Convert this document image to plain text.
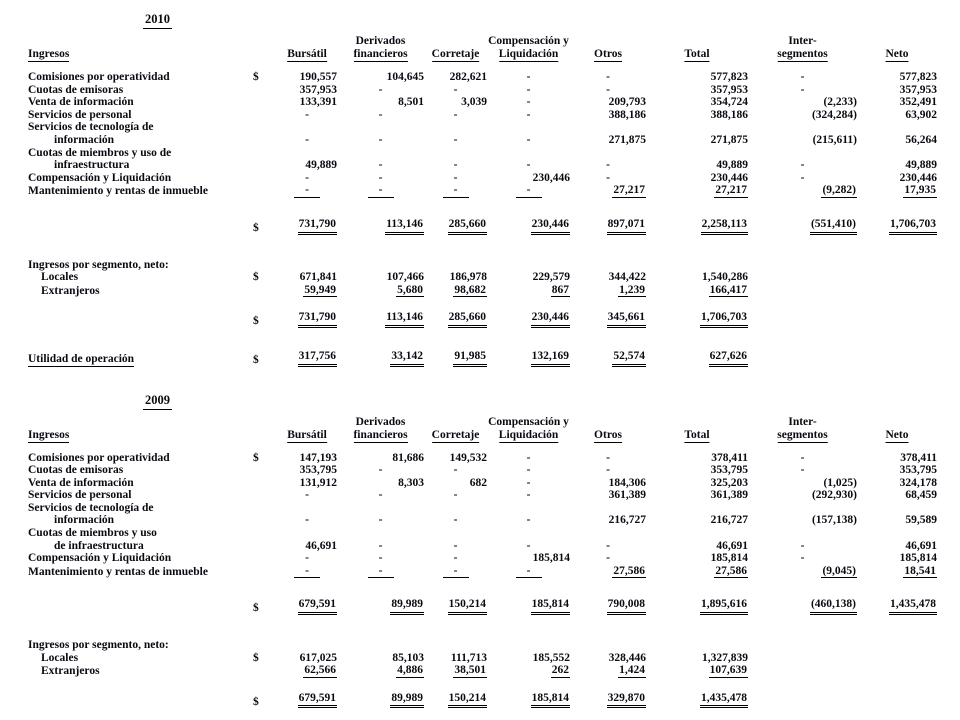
2010
			Derivados		Compensación y			Inter-	
Ingresos		Bursátil	financieros	Corretaje	Liquidación	Otros	Total	segmentos	Neto

Comisiones por operatividad	$	190,557	104,645	282,621	-	-	577,823	-	577,823
Cuotas de emisoras		357,953	-	-	-	-	357,953	-	357,953
Venta de información		133,391	8,501	3,039	-	209,793	354,724	(2,233)	352,491
Servicios de personal		-	-	-	-	388,186	388,186	(324,284)	63,902
Servicios de tecnología de									
información		-	-	-	-	271,875	271,875	(215,611)	56,264
Cuotas de miembros y uso de									
infraestructura		49,889	-	-	-	-	49,889	-	49,889
Compensación y Liquidación		-	-	-	230,446	-	230,446	-	230,446
Mantenimiento y rentas de inmueble		-	-	-	-	27,217	27,217	(9,282)	17,935

	$	731,790	113,146	285,660	230,446	897,071	2,258,113	(551,410)	1,706,703

Ingresos por segmento, neto:									
Locales	$	671,841	107,466	186,978	229,579	344,422	1,540,286		
Extranjeros		59,949	5,680	98,682	867	1,239	166,417		

	$	731,790	113,146	285,660	230,446	345,661	1,706,703		

Utilidad de operación	$	317,756	33,142	91,985	132,169	52,574	627,626		
2009
			Derivados		Compensación y			Inter-	
Ingresos		Bursátil	financieros	Corretaje	Liquidación	Otros	Total	segmentos	Neto

Comisiones por operatividad	$	147,193	81,686	149,532	-	-	378,411	-	378,411
Cuotas de emisoras		353,795	-	-	-	-	353,795	-	353,795
Venta de información		131,912	8,303	682	-	184,306	325,203	(1,025)	324,178
Servicios de personal		-	-	-	-	361,389	361,389	(292,930)	68,459
Servicios de tecnología de									
información		-	-	-	-	216,727	216,727	(157,138)	59,589
Cuotas de miembros y uso									
de infraestructura		46,691	-	-	-	-	46,691	-	46,691
Compensación y Liquidación		-	-	-	185,814	-	185,814	-	185,814
Mantenimiento y rentas de inmueble		-	-	-	-	27,586	27,586	(9,045)	18,541

	$	679,591	89,989	150,214	185,814	790,008	1,895,616	(460,138)	1,435,478

Ingresos por segmento, neto:									
Locales	$	617,025	85,103	111,713	185,552	328,446	1,327,839		
Extranjeros		62,566	4,886	38,501	262	1,424	107,639		

	$	679,591	89,989	150,214	185,814	329,870	1,435,478		
